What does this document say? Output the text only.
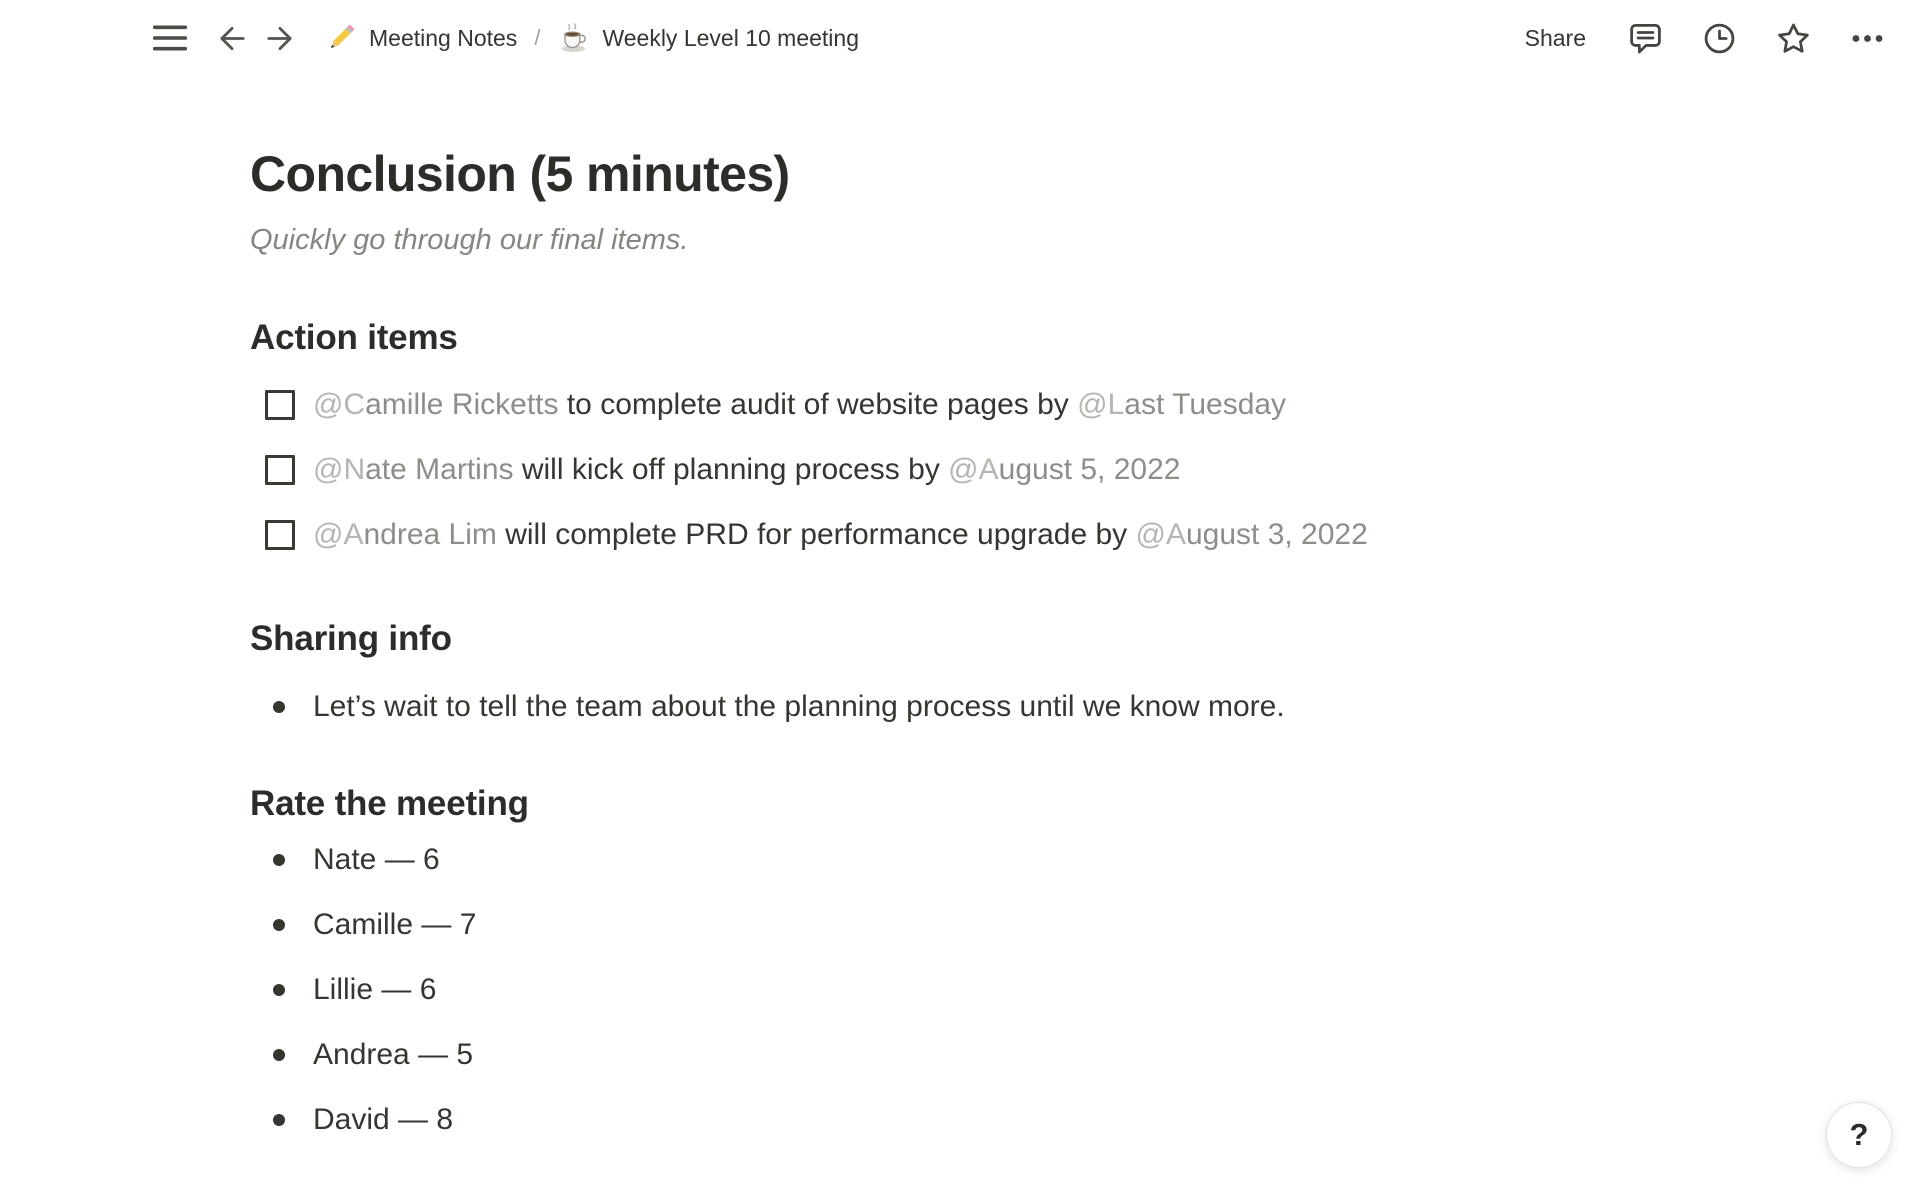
Meeting Notes /	Weekly Level 10 meeting	Share
Conclusion (5 minutes)
Quickly go through our final items.
Action items
@Camille Ricketts to complete audit of website pages by @Last Tuesday
@Nate Martins will kick off planning process by @August 5, 2022
@Andrea Lim will complete PRD for performance upgrade by @August 3, 2022
Sharing info
Let’s wait to tell the team about the planning process until we know more.
Rate the meeting
Nate — 6
Camille — 7
Lillie — 6
Andrea — 5
David — 8	?
